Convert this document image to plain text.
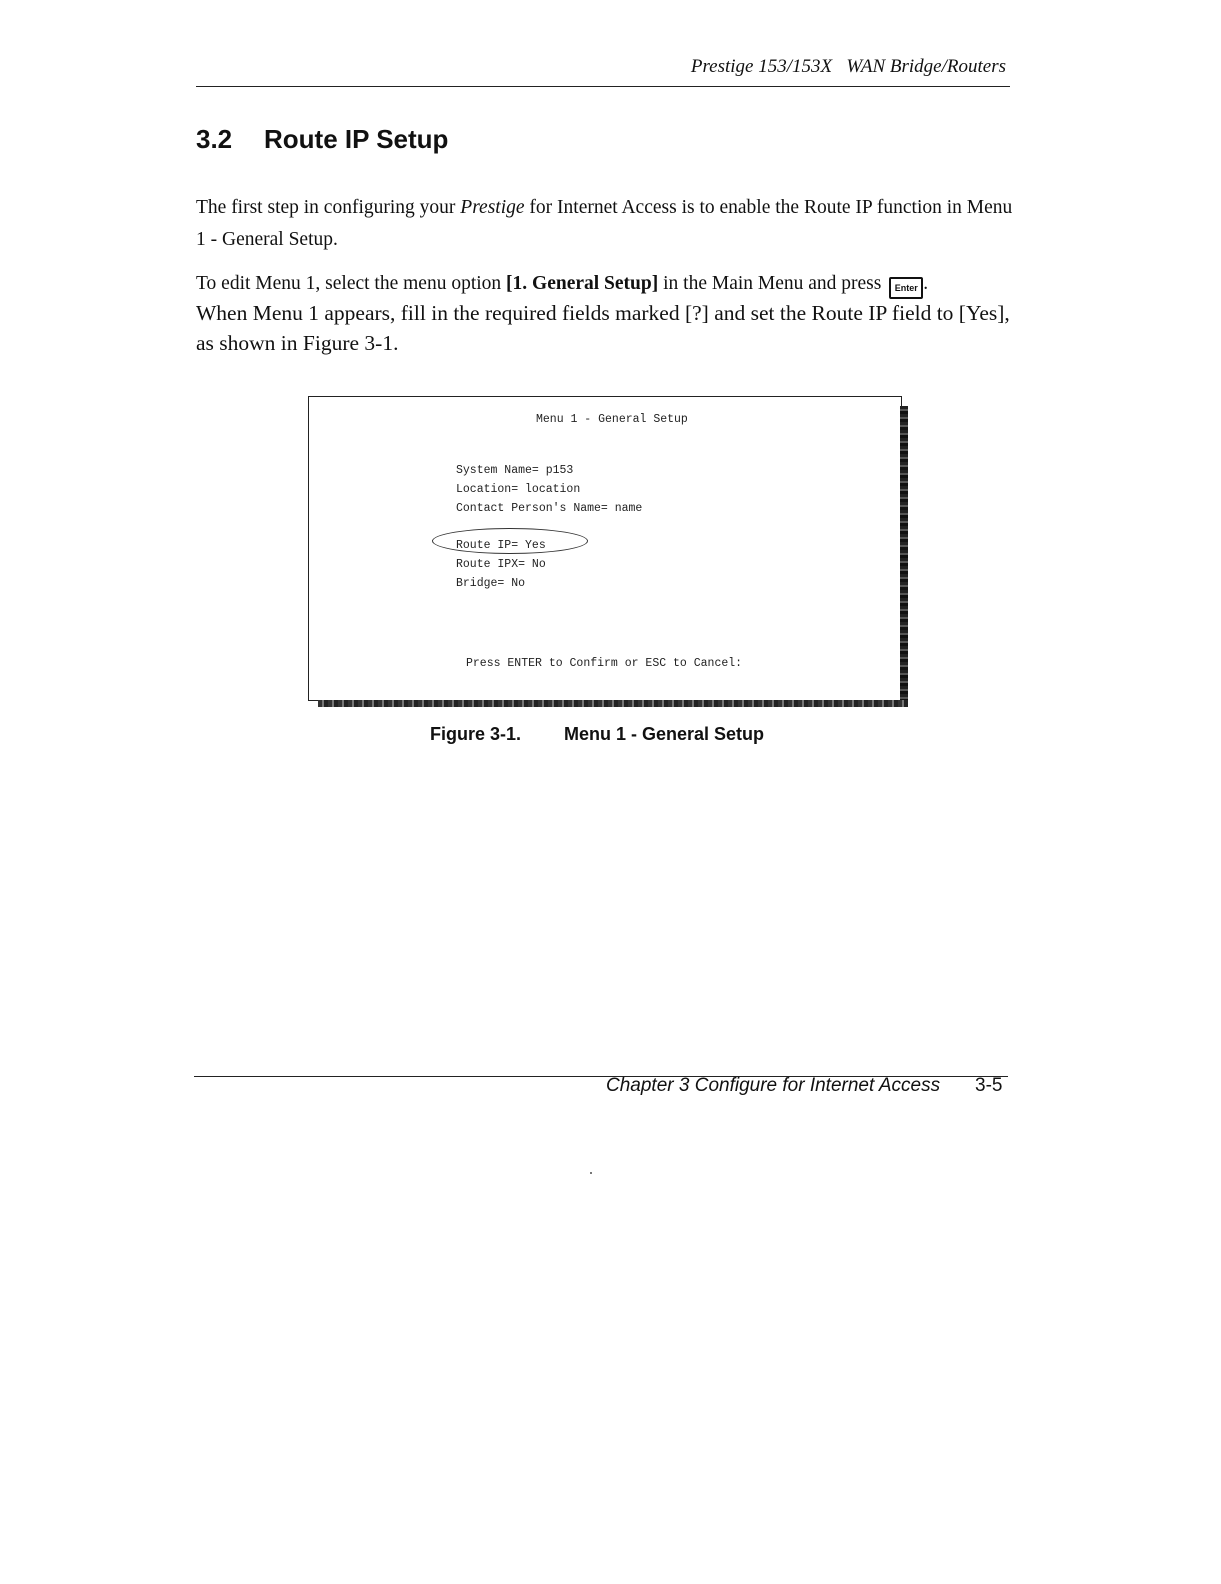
Prestige 153/153X WAN Bridge/Routers
3.2 Route IP Setup
The first step in configuring your Prestige for Internet Access is to enable the Route IP function in Menu 1 - General Setup.
To edit Menu 1, select the menu option [1. General Setup] in the Main Menu and press Enter .
When Menu 1 appears, fill in the required fields marked [?] and set the Route IP field to [Yes], as shown in Figure 3-1.
Menu 1 - General Setup
System Name= p153
Location= location
Contact Person's Name= name
Route IP= Yes
Route IPX= No
Bridge= No
Press ENTER to Confirm or ESC to Cancel:
Figure 3-1. Menu 1 - General Setup
Chapter 3 Configure for Internet Access 3-5
